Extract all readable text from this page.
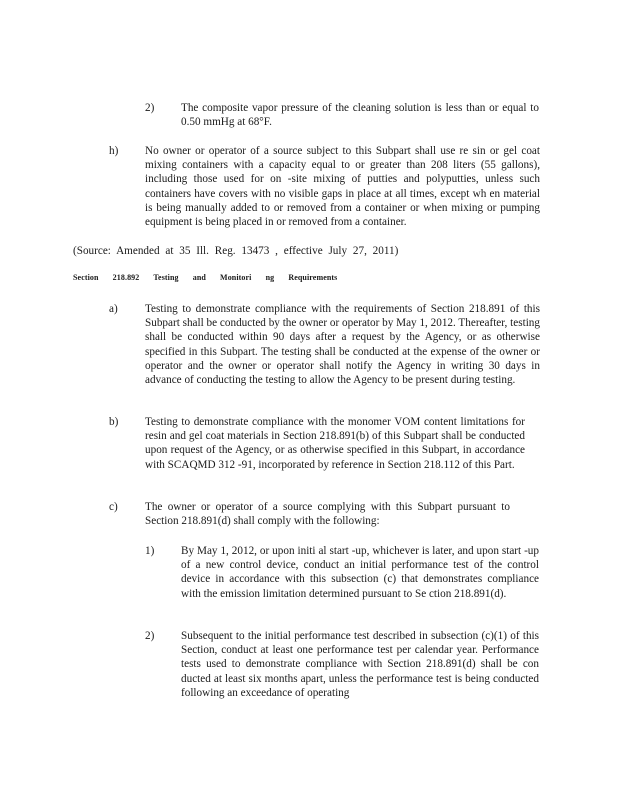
2) The composite vapor pressure of the cleaning solution is less than or equal to 0.50 mmHg at 68°F.

h) No owner or operator of a source subject to this Subpart shall use re sin or gel coat mixing containers with a capacity equal to or greater than 208 liters (55 gallons), including those used for on -site mixing of putties and polyputties, unless such containers have covers with no visible gaps in place at all times, except wh en material is being manually added to or removed from a container or when mixing or pumping equipment is being placed in or removed from a container.

(Source: Amended at 35 Ill. Reg. 13473 , effective July 27, 2011)
Section 218.892 Testing and Monitori ng Requirements
a) Testing to demonstrate compliance with the requirements of Section 218.891 of this Subpart shall be conducted by the owner or operator by May 1, 2012. Thereafter, testing shall be conducted within 90 days after a request by the Agency, or as otherwise specified in this Subpart. The testing shall be conducted at the expense of the owner or operator and the owner or operator shall notify the Agency in writing 30 days in advance of conducting the testing to allow the Agency to be present during testing.

b) Testing to demonstrate compliance with the monomer VOM content limitations for resin and gel coat materials in Section 218.891(b) of this Subpart shall be conducted upon request of the Agency, or as otherwise specified in this Subpart, in accordance with SCAQMD 312 -91, incorporated by reference in Section 218.112 of this Part.

c) The owner or operator of a source complying with this Subpart pursuant to Section 218.891(d) shall comply with the following:

1) By May 1, 2012, or upon initi al start -up, whichever is later, and upon start -up of a new control device, conduct an initial performance test of the control device in accordance with this subsection (c) that demonstrates compliance with the emission limitation determined pursuant to Se ction 218.891(d).

2) Subsequent to the initial performance test described in subsection (c)(1) of this Section, conduct at least one performance test per calendar year. Performance tests used to demonstrate compliance with Section 218.891(d) shall be con ducted at least six months apart, unless the performance test is being conducted following an exceedance of operating
